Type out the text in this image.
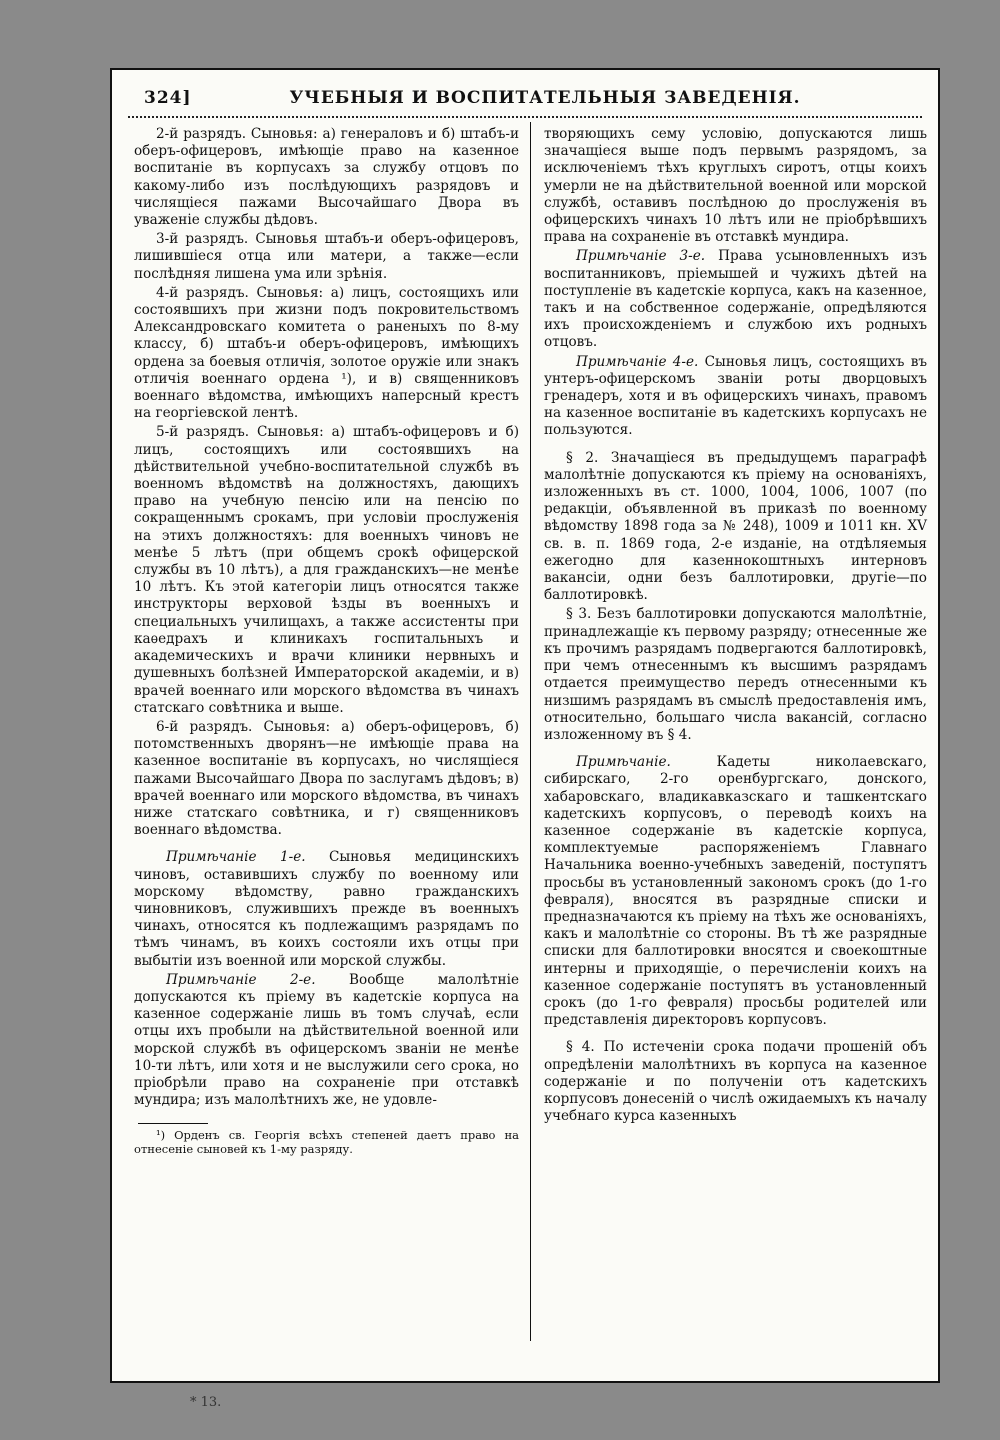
324]	УЧЕБНЫЯ И ВОСПИТАТЕЛЬНЫЯ ЗАВЕДЕНІЯ.

2-й разрядъ. Сыновья: а) генераловъ и б) штабъ-и оберъ-офицеровъ, имѣющіе право на казенное воспитаніе въ корпусахъ за службу отцовъ по какому-либо изъ послѣдующихъ разрядовъ и числящіеся пажами Высочайшаго Двора въ уваженіе службы дѣдовъ.

3-й разрядъ. Сыновья штабъ-и оберъ-офицеровъ, лишившіеся отца или матери, а также—если послѣдняя лишена ума или зрѣнія.

4-й разрядъ. Сыновья: а) лицъ, состоящихъ или состоявшихъ при жизни подъ покровительствомъ Александровскаго комитета о раненыхъ по 8-му классу, б) штабъ-и оберъ-офицеровъ, имѣющихъ ордена за боевыя отличія, золотое оружіе или знакъ отличія военнаго ордена ¹), и в) священниковъ военнаго вѣдомства, имѣющихъ наперсный крестъ на георгіевской лентѣ.

5-й разрядъ. Сыновья: а) штабъ-офицеровъ и б) лицъ, состоящихъ или состоявшихъ на дѣйствительной учебно-воспитательной службѣ въ военномъ вѣдомствѣ на должностяхъ, дающихъ право на учебную пенсію или на пенсію по сокращеннымъ срокамъ, при условіи прослуженія на этихъ должностяхъ: для военныхъ чиновъ не менѣе 5 лѣтъ (при общемъ срокѣ офицерской службы въ 10 лѣтъ), а для гражданскихъ—не менѣе 10 лѣтъ. Къ этой категоріи лицъ относятся также инструкторы верховой ѣзды въ военныхъ и специальныхъ училищахъ, а также ассистенты при каѳедрахъ и клиникахъ госпитальныхъ и академическихъ и врачи клиники нервныхъ и душевныхъ болѣзней Императорской академіи, и в) врачей военнаго или морского вѣдомства въ чинахъ статскаго совѣтника и выше.

6-й разрядъ. Сыновья: а) оберъ-офицеровъ, б) потомственныхъ дворянъ—не имѣющіе права на казенное воспитаніе въ корпусахъ, но числящіеся пажами Высочайшаго Двора по заслугамъ дѣдовъ; в) врачей военнаго или морского вѣдомства, въ чинахъ ниже статскаго совѣтника, и г) священниковъ военнаго вѣдомства.

Примѣчаніе 1-е. Сыновья медицинскихъ чиновъ, оставившихъ службу по военному или морскому вѣдомству, равно гражданскихъ чиновниковъ, служившихъ прежде въ военныхъ чинахъ, относятся къ подлежащимъ разрядамъ по тѣмъ чинамъ, въ коихъ состояли ихъ отцы при выбытіи изъ военной или морской службы.

Примѣчаніе 2-е. Вообще малолѣтніе допускаются къ пріему въ кадетскіе корпуса на казенное содержаніе лишь въ томъ случаѣ, если отцы ихъ пробыли на дѣйствительной военной или морской службѣ въ офицерскомъ званіи не менѣе 10-ти лѣтъ, или хотя и не выслужили сего срока, но пріобрѣли право на сохраненіе при отставкѣ мундира; изъ малолѣтнихъ же, не удовле-

¹) Орденъ св. Георгія всѣхъ степеней даетъ право на отнесеніе сыновей къ 1-му разряду.

творяющихъ сему условію, допускаются лишь значащіеся выше подъ первымъ разрядомъ, за исключеніемъ тѣхъ круглыхъ сиротъ, отцы коихъ умерли не на дѣйствительной военной или морской службѣ, оставивъ послѣдною до прослуженія въ офицерскихъ чинахъ 10 лѣтъ или не пріобрѣвшихъ права на сохраненіе въ отставкѣ мундира.

Примѣчаніе 3-е. Права усыновленныхъ изъ воспитанниковъ, пріемышей и чужихъ дѣтей на поступленіе въ кадетскіе корпуса, какъ на казенное, такъ и на собственное содержаніе, опредѣляются ихъ происхожденіемъ и службою ихъ родныхъ отцовъ.

Примѣчаніе 4-е. Сыновья лицъ, состоящихъ въ унтеръ-офицерскомъ званіи роты дворцовыхъ гренадеръ, хотя и въ офицерскихъ чинахъ, правомъ на казенное воспитаніе въ кадетскихъ корпусахъ не пользуются.

§ 2. Значащіеся въ предыдущемъ параграфѣ малолѣтніе допускаются къ пріему на основаніяхъ, изложенныхъ въ ст. 1000, 1004, 1006, 1007 (по редакціи, объявленной въ приказѣ по военному вѣдомству 1898 года за № 248), 1009 и 1011 кн. XV св. в. п. 1869 года, 2-е изданіе, на отдѣляемыя ежегодно для казеннокоштныхъ интерновъ вакансіи, одни безъ баллотировки, другіе—по баллотировкѣ.

§ 3. Безъ баллотировки допускаются малолѣтніе, принадлежащіе къ первому разряду; отнесенные же къ прочимъ разрядамъ подвергаются баллотировкѣ, при чемъ отнесеннымъ къ высшимъ разрядамъ отдается преимущество передъ отнесенными къ низшимъ разрядамъ въ смыслѣ предоставленія имъ, относительно, большаго числа вакансій, согласно изложенному въ § 4.

Примѣчаніе. Кадеты николаевскаго, сибирскаго, 2-го оренбургскаго, донского, хабаровскаго, владикавказскаго и ташкентскаго кадетскихъ корпусовъ, о переводѣ коихъ на казенное содержаніе въ кадетскіе корпуса, комплектуемые распоряженіемъ Главнаго Начальника военно-учебныхъ заведеній, поступятъ просьбы въ установленный закономъ срокъ (до 1-го февраля), вносятся въ разрядные списки и предназначаются къ пріему на тѣхъ же основаніяхъ, какъ и малолѣтніе со стороны. Въ тѣ же разрядные списки для баллотировки вносятся и своекоштные интерны и приходящіе, о перечисленіи коихъ на казенное содержаніе поступятъ въ установленный срокъ (до 1-го февраля) просьбы родителей или представленія директоровъ корпусовъ.

§ 4. По истеченіи срока подачи прошеній объ опредѣленіи малолѣтнихъ въ корпуса на казенное содержаніе и по полученіи отъ кадетскихъ корпусовъ донесеній о числѣ ожидаемыхъ къ началу учебнаго курса казенныхъ

* 13.
